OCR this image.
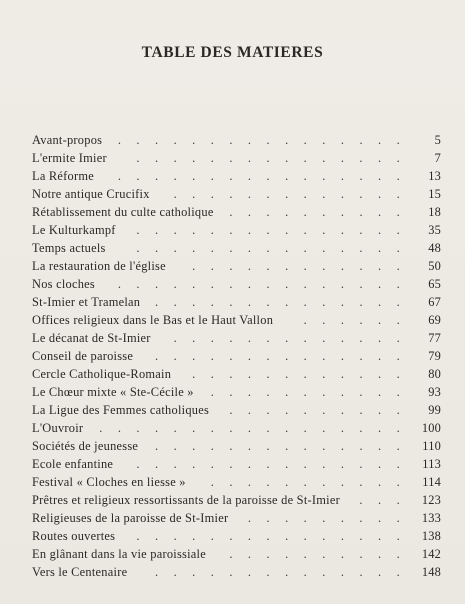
TABLE DES MATIERES
Avant-propos .     .     .     .     .     .     .     .     .     .     .     .     .     .     .     . 5
L'ermite Imier .     .     .     .     .     .     .     .     .     .     .     .     .     .     . 7
La Réforme .     .     .     .     .     .     .     .     .     .     .     .     .     .     .     . 13
Notre antique Crucifix .     .     .     .     .     .     .     .     .     .     .     .     . 15
Rétablissement du culte catholique .     .     .     .     .     .     .     .     .     . 18
Le Kulturkampf .     .     .     .     .     .     .     .     .     .     .     .     .     .     . 35
Temps actuels .     .     .     .     .     .     .     .     .     .     .     .     .     .     . 48
La restauration de l'église .     .     .     .     .     .     .     .     .     .     .     . 50
Nos cloches .     .     .     .     .     .     .     .     .     .     .     .     .     .     .     . 65
St-Imier et Tramelan .     .     .     .     .     .     .     .     .     .     .     .     .     . 67
Offices religieux dans le Bas et le Haut Vallon .     .     .     .     .     . 69
Le décanat de St-Imier .     .     .     .     .     .     .     .     .     .     .     .     . 77
Conseil de paroisse .     .     .     .     .     .     .     .     .     .     .     .     .     . 79
Cercle Catholique-Romain .     .     .     .     .     .     .     .     .     .     .     . 80
Le Chœur mixte « Ste-Cécile » .     .     .     .     .     .     .     .     .     .     . 93
La Ligue des Femmes catholiques .     .     .     .     .     .     .     .     .     . 99
L'Ouvroir .     .     .     .     .     .     .     .     .     .     .     .     .     .     .     .     . 100
Sociétés de jeunesse .     .     .     .     .     .     .     .     .     .     .     .     .     . 110
Ecole enfantine .     .     .     .     .     .     .     .     .     .     .     .     .     .     . 113
Festival « Cloches en liesse » .     .     .     .     .     .     .     .     .     .     . 114
Prêtres et religieux ressortissants de la paroisse de St-Imier .     .     . 123
Religieuses de la paroisse de St-Imier .     .     .     .     .     .     .     .     . 133
Routes ouvertes .     .     .     .     .     .     .     .     .     .     .     .     .     .     . 138
En glânant dans la vie paroissiale .     .     .     .     .     .     .     .     .     . 142
Vers le Centenaire .     .     .     .     .     .     .     .     .     .     .     .     .     . 148
